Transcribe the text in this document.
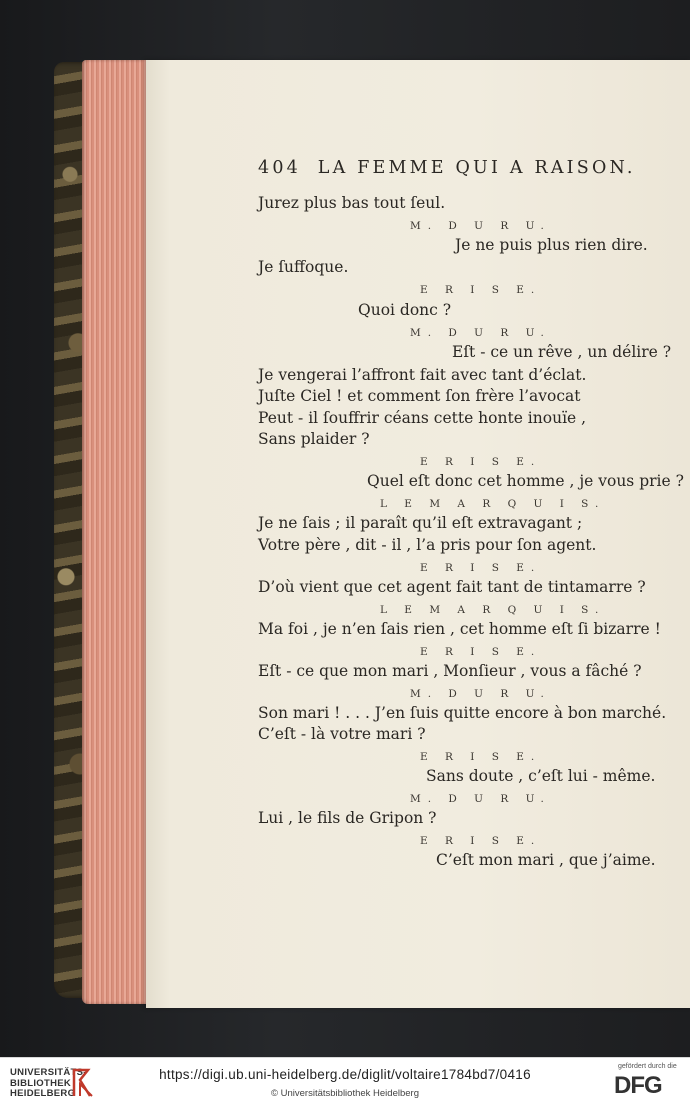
404 LA FEMME QUI A RAISON.
Jurez plus bas tout ſeul.
M. D U R U.
Je ne puis plus rien dire.
Je ſuffoque.
E R I S E.
Quoi donc ?
M. D U R U.
Eſt - ce un rêve , un délire ?
Je vengerai l’affront fait avec tant d’éclat.
Juſte Ciel ! et comment ſon frère l’avocat
Peut - il ſouffrir céans cette honte inouïe ,
Sans plaider ?
E R I S E.
Quel eſt donc cet homme , je vous prie ?
L E M A R Q U I S.
Je ne ſais ; il paraît qu’il eſt extravagant ;
Votre père , dit - il , l’a pris pour ſon agent.
E R I S E.
D’où vient que cet agent fait tant de tintamarre ?
L E M A R Q U I S.
Ma foi , je n’en ſais rien , cet homme eſt ſi bizarre !
E R I S E.
Eſt - ce que mon mari , Monſieur , vous a fâché ?
M. D U R U.
Son mari ! . . . J’en ſuis quitte encore à bon marché.
C’eſt - là votre mari ?
E R I S E.
Sans doute , c’eſt lui - même.
M. D U R U.
Lui , le fils de Gripon ?
E R I S E.
C’eſt mon mari , que j’aime.
UNIVERSITÄTS-
BIBLIOTHEK
HEIDELBERG
https://digi.ub.uni-heidelberg.de/diglit/voltaire1784bd7/0416
© Universitätsbibliothek Heidelberg
gefördert durch die
DFG
